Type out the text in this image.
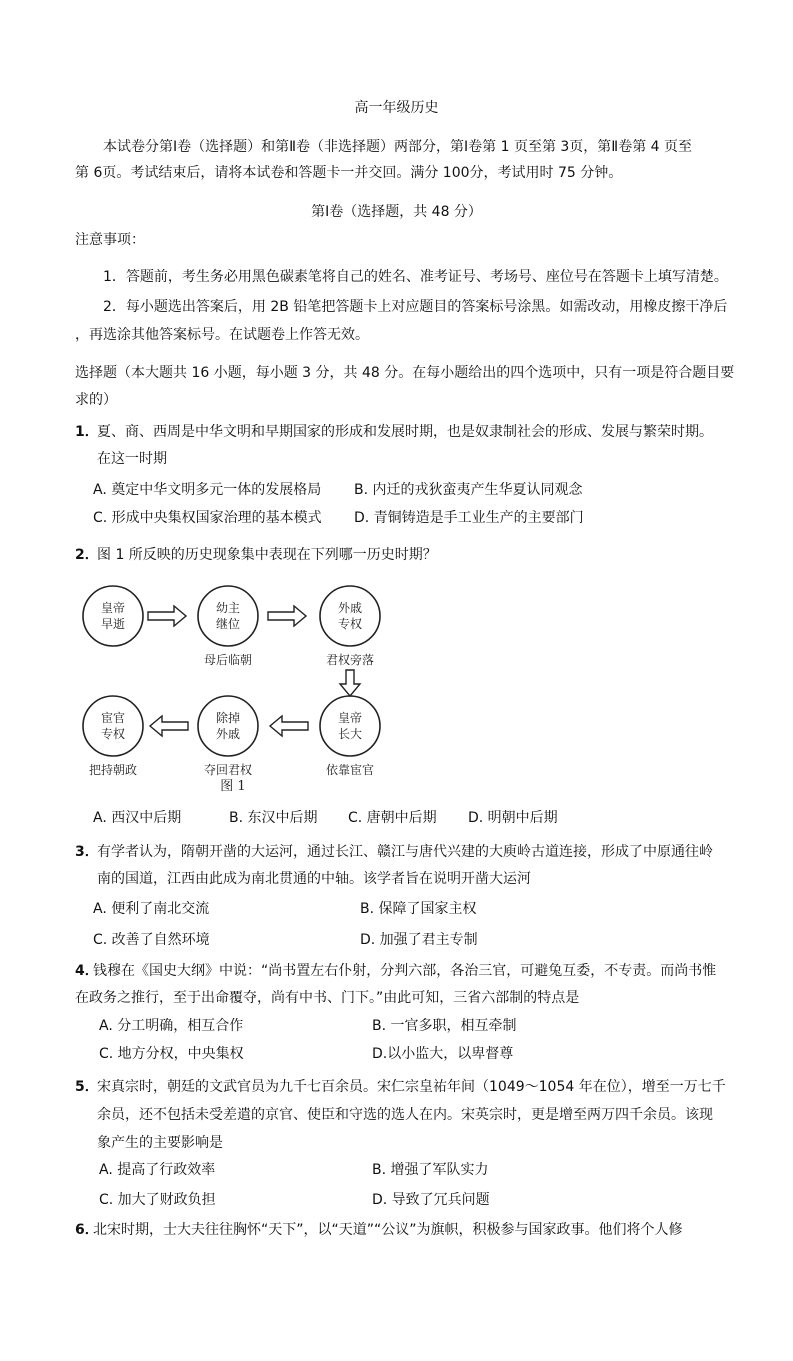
高一年级历史
本试卷分第Ⅰ卷（选择题）和第Ⅱ卷（非选择题）两部分，第Ⅰ卷第 1 页至第 3页，第Ⅱ卷第 4 页至
第 6页。考试结束后，请将本试卷和答题卡一并交回。满分 100分，考试用时 75 分钟。
第Ⅰ卷（选择题，共 48 分）
注意事项：
1．答题前，考生务必用黑色碳素笔将自己的姓名、准考证号、考场号、座位号在答题卡上填写清楚。
2．每小题选出答案后，用 2B 铅笔把答题卡上对应题目的答案标号涂黑。如需改动，用橡皮擦干净后
，再选涂其他答案标号。在试题卷上作答无效。
选择题（本大题共 16 小题，每小题 3 分，共 48 分。在每小题给出的四个选项中，只有一项是符合题目要
求的）
1．
夏、商、西周是中华文明和早期国家的形成和发展时期，也是奴隶制社会的形成、发展与繁荣时期。
在这一时期
A. 奠定中华文明多元一体的发展格局 B. 内迁的戎狄蛮夷产生华夏认同观念
C. 形成中央集权国家治理的基本模式 D. 青铜铸造是手工业生产的主要部门
2．
图 1 所反映的历史现象集中表现在下列哪一历史时期？
皇帝
早逝
幼主
继位
外戚
专权
皇帝
长大
除掉
外戚
宦官
专权
母后临朝	君权旁落
依靠宦官
夺回君权
把持朝政
图 1
A. 西汉中后期	B. 东汉中后期 C. 唐朝中后期 D. 明朝中后期
3．
有学者认为，隋朝开凿的大运河，通过长江、赣江与唐代兴建的大庾岭古道连接，形成了中原通往岭
南的国道，江西由此成为南北贯通的中轴。该学者旨在说明开凿大运河
A. 便利了南北交流	B. 保障了国家主权
C. 改善了自然环境	D. 加强了君主专制
4．
钱穆在《国史大纲》中说：“尚书置左右仆射，分判六部，各治三官，可避兔互委，不专责。而尚书惟
在政务之推行，至于出命覆夺，尚有中书、门下。”由此可知，三省六部制的特点是
A. 分工明确，相互合作	B. 一官多职，相互牵制
C. 地方分权，中央集权	D.以小监大，以卑督尊
5．
宋真宗时，朝廷的文武官员为九千七百余员。宋仁宗皇祐年间（1049～1054 年在位），增至一万七千
余员，还不包括未受差遣的京官、使臣和守选的选人在内。宋英宗时，更是增至两万四千余员。该现
象产生的主要影响是
A. 提高了行政效率	B. 增强了军队实力
C. 加大了财政负担	D. 导致了冗兵问题
6．
北宋时期，士大夫往往胸怀“天下”，以“天道”“公议”为旗帜，积极参与国家政事。他们将个人修
